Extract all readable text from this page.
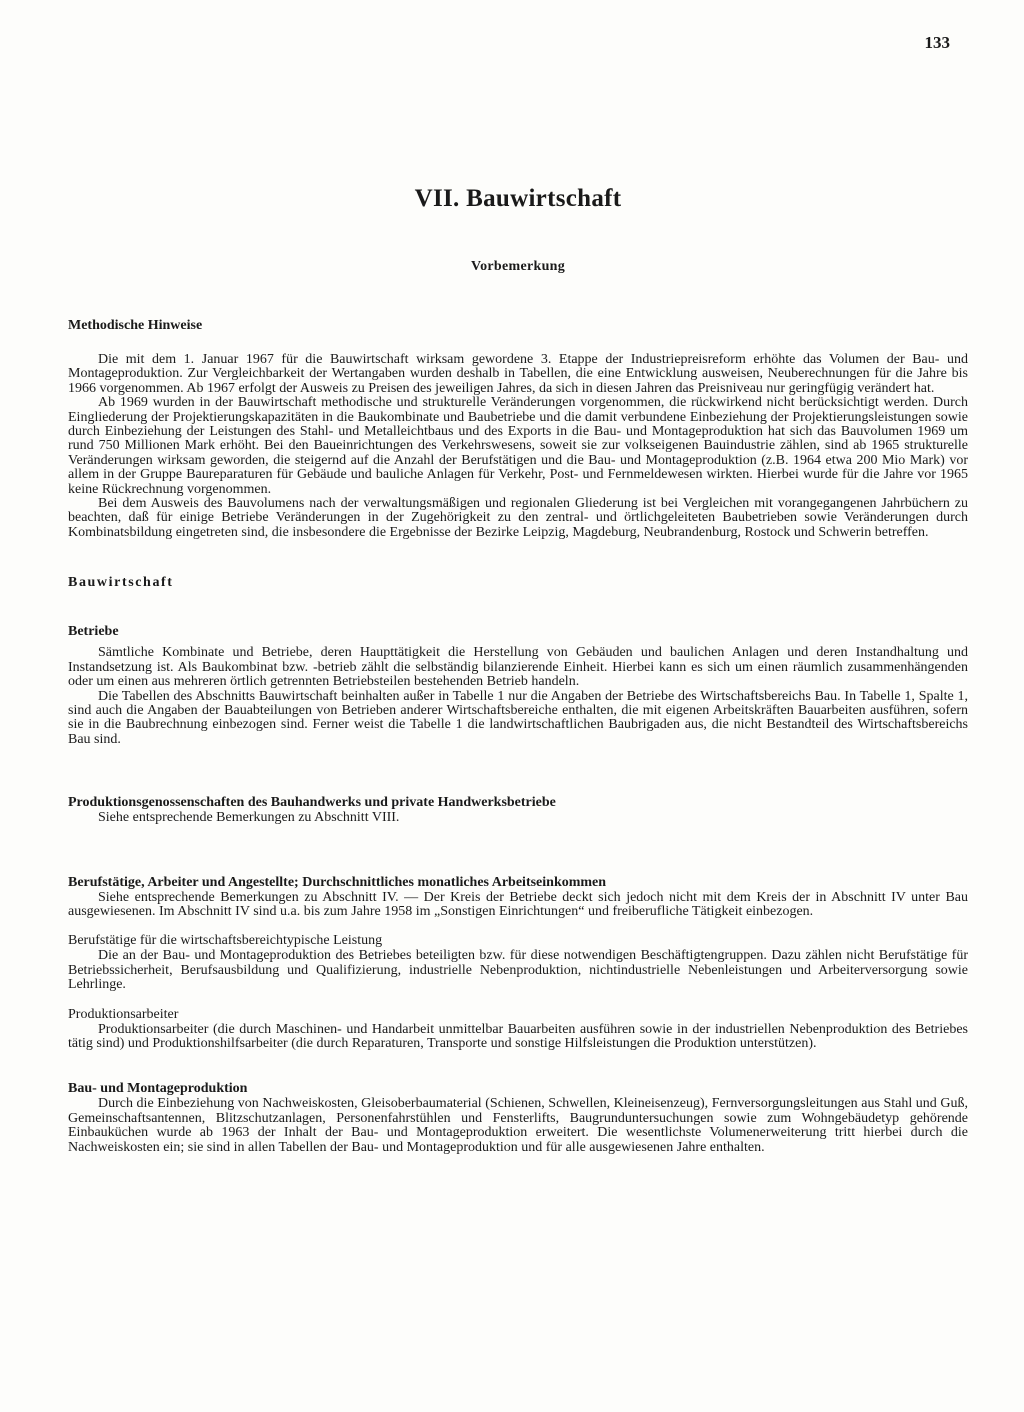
133
VII. Bauwirtschaft
Vorbemerkung
Methodische Hinweise

Die mit dem 1. Januar 1967 für die Bauwirtschaft wirksam gewordene 3. Etappe der Industriepreisreform erhöhte das Volumen der Bau- und Montageproduktion. Zur Vergleichbarkeit der Wertangaben wurden deshalb in Tabellen, die eine Entwicklung ausweisen, Neuberechnungen für die Jahre bis 1966 vorgenommen. Ab 1967 erfolgt der Ausweis zu Preisen des jeweiligen Jahres, da sich in diesen Jahren das Preisniveau nur geringfügig verändert hat.

Ab 1969 wurden in der Bauwirtschaft methodische und strukturelle Veränderungen vorgenommen, die rückwirkend nicht berücksichtigt werden. Durch Eingliederung der Projektierungskapazitäten in die Baukombinate und Baubetriebe und die damit verbundene Einbeziehung der Projektierungsleistungen sowie durch Einbeziehung der Leistungen des Stahl- und Metalleichtbaus und des Exports in die Bau- und Montageproduktion hat sich das Bauvolumen 1969 um rund 750 Millionen Mark erhöht. Bei den Baueinrichtungen des Verkehrswesens, soweit sie zur volkseigenen Bauindustrie zählen, sind ab 1965 strukturelle Veränderungen wirksam geworden, die steigernd auf die Anzahl der Berufstätigen und die Bau- und Montageproduktion (z.B. 1964 etwa 200 Mio Mark) vor allem in der Gruppe Baureparaturen für Gebäude und bauliche Anlagen für Verkehr, Post- und Fernmeldewesen wirkten. Hierbei wurde für die Jahre vor 1965 keine Rückrechnung vorgenommen.

Bei dem Ausweis des Bauvolumens nach der verwaltungsmäßigen und regionalen Gliederung ist bei Vergleichen mit vorangegangenen Jahrbüchern zu beachten, daß für einige Betriebe Veränderungen in der Zugehörigkeit zu den zentral- und örtlichgeleiteten Baubetrieben sowie Veränderungen durch Kombinatsbildung eingetreten sind, die insbesondere die Ergebnisse der Bezirke Leipzig, Magdeburg, Neubrandenburg, Rostock und Schwerin betreffen.

Bauwirtschaft
Betriebe

Sämtliche Kombinate und Betriebe, deren Haupttätigkeit die Herstellung von Gebäuden und baulichen Anlagen und deren Instandhaltung und Instandsetzung ist. Als Baukombinat bzw. -betrieb zählt die selbständig bilanzierende Einheit. Hierbei kann es sich um einen räumlich zusammenhängenden oder um einen aus mehreren örtlich getrennten Betriebsteilen bestehenden Betrieb handeln.

Die Tabellen des Abschnitts Bauwirtschaft beinhalten außer in Tabelle 1 nur die Angaben der Betriebe des Wirtschaftsbereichs Bau. In Tabelle 1, Spalte 1, sind auch die Angaben der Bauabteilungen von Betrieben anderer Wirtschaftsbereiche enthalten, die mit eigenen Arbeitskräften Bauarbeiten ausführen, sofern sie in die Baubrechnung einbezogen sind. Ferner weist die Tabelle 1 die landwirtschaftlichen Baubrigaden aus, die nicht Bestandteil des Wirtschaftsbereichs Bau sind.

Produktionsgenossenschaften des Bauhandwerks und private Handwerksbetriebe

Siehe entsprechende Bemerkungen zu Abschnitt VIII.

Berufstätige, Arbeiter und Angestellte; Durchschnittliches monatliches Arbeitseinkommen

Siehe entsprechende Bemerkungen zu Abschnitt IV. — Der Kreis der Betriebe deckt sich jedoch nicht mit dem Kreis der in Abschnitt IV unter Bau ausgewiesenen. Im Abschnitt IV sind u.a. bis zum Jahre 1958 im „Sonstigen Einrichtungen“ und freiberufliche Tätigkeit einbezogen.

Berufstätige für die wirtschaftsbereichtypische Leistung

Die an der Bau- und Montageproduktion des Betriebes beteiligten bzw. für diese notwendigen Beschäftigtengruppen. Dazu zählen nicht Berufstätige für Betriebssicherheit, Berufsausbildung und Qualifizierung, industrielle Nebenproduktion, nichtindustrielle Nebenleistungen und Arbeiterversorgung sowie Lehrlinge.

Produktionsarbeiter

Produktionsarbeiter (die durch Maschinen- und Handarbeit unmittelbar Bauarbeiten ausführen sowie in der industriellen Nebenproduktion des Betriebes tätig sind) und Produktionshilfsarbeiter (die durch Reparaturen, Transporte und sonstige Hilfsleistungen die Produktion unterstützen).

Bau- und Montageproduktion

Durch die Einbeziehung von Nachweiskosten, Gleisoberbaumaterial (Schienen, Schwellen, Kleineisenzeug), Fernversorgungsleitungen aus Stahl und Guß, Gemeinschaftsantennen, Blitzschutzanlagen, Personenfahrstühlen und Fensterlifts, Baugrunduntersuchungen sowie zum Wohngebäudetyp gehörende Einbauküchen wurde ab 1963 der Inhalt der Bau- und Montageproduktion erweitert. Die wesentlichste Volumenerweiterung tritt hierbei durch die Nachweiskosten ein; sie sind in allen Tabellen der Bau- und Montageproduktion und für alle ausgewiesenen Jahre enthalten.
